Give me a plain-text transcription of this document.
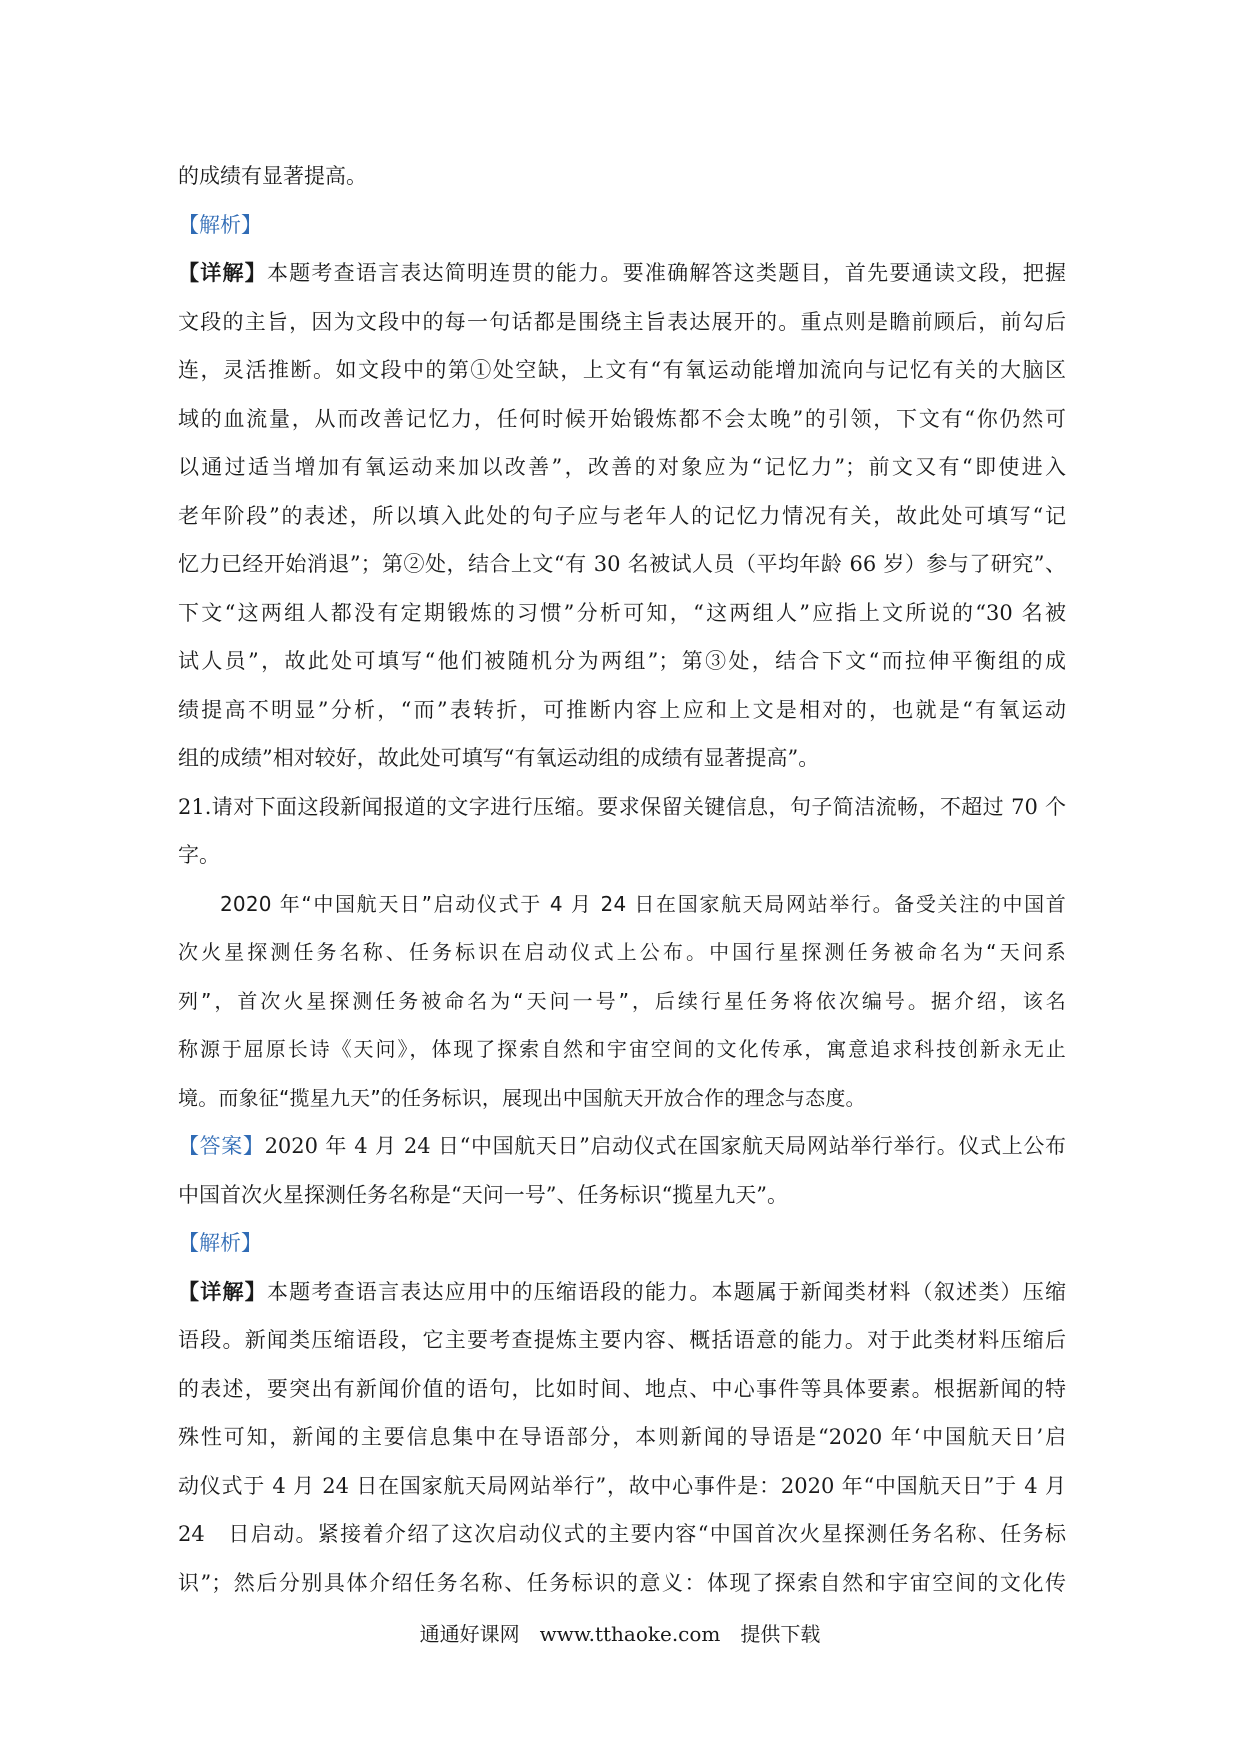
的成绩有显著提高。
【解析】
【详解】本题考查语言表达简明连贯的能力。要准确解答这类题目，首先要通读文段，把握
文段的主旨，因为文段中的每一句话都是围绕主旨表达展开的。重点则是瞻前顾后，前勾后
连，灵活推断。如文段中的第①处空缺，上文有“有氧运动能增加流向与记忆有关的大脑区
域的血流量，从而改善记忆力，任何时候开始锻炼都不会太晚”的引领，下文有“你仍然可
以通过适当增加有氧运动来加以改善”，改善的对象应为“记忆力”；前文又有“即使进入
老年阶段”的表述，所以填入此处的句子应与老年人的记忆力情况有关，故此处可填写“记
忆力已经开始消退”；第②处，结合上文“有 30 名被试人员（平均年龄 66 岁）参与了研究”、
下文“这两组人都没有定期锻炼的习惯”分析可知，“这两组人”应指上文所说的“30 名被
试人员”，故此处可填写“他们被随机分为两组”；第③处，结合下文“而拉伸平衡组的成
绩提高不明显”分析，“而”表转折，可推断内容上应和上文是相对的，也就是“有氧运动
组的成绩”相对较好，故此处可填写“有氧运动组的成绩有显著提高”。
21.请对下面这段新闻报道的文字进行压缩。要求保留关键信息，句子简洁流畅，不超过 70 个
字。
2020 年“中国航天日”启动仪式于 4 月 24 日在国家航天局网站举行。备受关注的中国首
次火星探测任务名称、任务标识在启动仪式上公布。中国行星探测任务被命名为“天问系
列”，首次火星探测任务被命名为“天问一号”，后续行星任务将依次编号。据介绍，该名
称源于屈原长诗《天问》，体现了探索自然和宇宙空间的文化传承，寓意追求科技创新永无止
境。而象征“揽星九天”的任务标识，展现出中国航天开放合作的理念与态度。
【答案】2020 年 4 月 24 日“中国航天日”启动仪式在国家航天局网站举行举行。仪式上公布
中国首次火星探测任务名称是“天问一号”、任务标识“揽星九天”。
【解析】
【详解】本题考查语言表达应用中的压缩语段的能力。本题属于新闻类材料（叙述类）压缩
语段。新闻类压缩语段，它主要考查提炼主要内容、概括语意的能力。对于此类材料压缩后
的表述，要突出有新闻价值的语句，比如时间、地点、中心事件等具体要素。根据新闻的特
殊性可知，新闻的主要信息集中在导语部分，本则新闻的导语是“2020 年‘中国航天日’启
动仪式于 4 月 24 日在国家航天局网站举行”，故中心事件是：2020 年“中国航天日”于 4 月
24　日启动。紧接着介绍了这次启动仪式的主要内容“中国首次火星探测任务名称、任务标
识”；然后分别具体介绍任务名称、任务标识的意义：体现了探索自然和宇宙空间的文化传
通通好课网　www.tthaoke.com　提供下载
